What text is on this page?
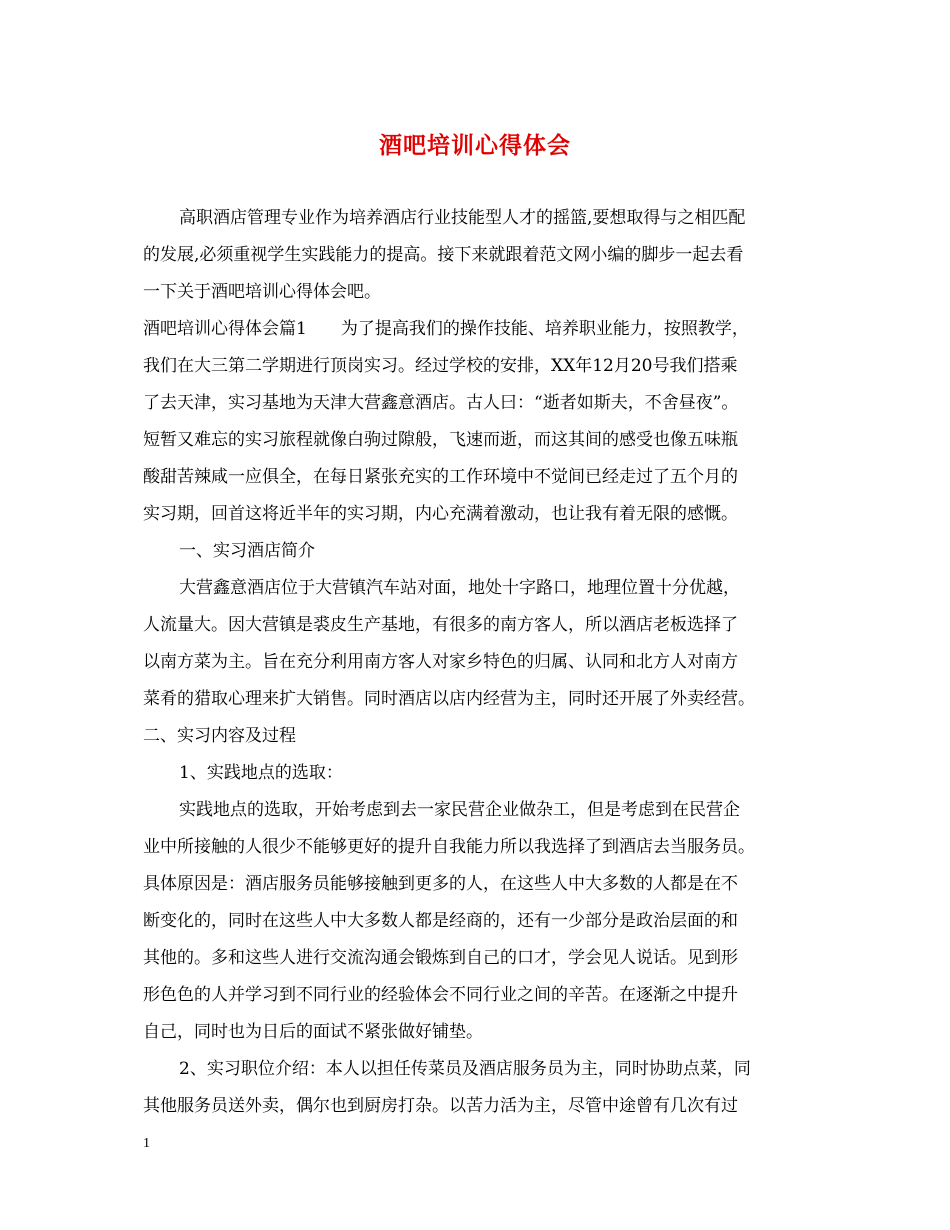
酒吧培训心得体会
高职酒店管理专业作为培养酒店行业技能型人才的摇篮,要想取得与之相匹配
的发展,必须重视学生实践能力的提高。接下来就跟着范文网小编的脚步一起去看
一下关于酒吧培训心得体会吧。
酒吧培训心得体会篇1　　为了提高我们的操作技能、培养职业能力，按照教学，
我们在大三第二学期进行顶岗实习。经过学校的安排，XX年12月20号我们搭乘
了去天津，实习基地为天津大营鑫意酒店。古人曰：“逝者如斯夫，不舍昼夜”。
短暂又难忘的实习旅程就像白驹过隙般，飞速而逝，而这其间的感受也像五味瓶
酸甜苦辣咸一应俱全，在每日紧张充实的工作环境中不觉间已经走过了五个月的
实习期，回首这将近半年的实习期，内心充满着激动，也让我有着无限的感慨。
一、实习酒店简介
大营鑫意酒店位于大营镇汽车站对面，地处十字路口，地理位置十分优越，
人流量大。因大营镇是裘皮生产基地，有很多的南方客人，所以酒店老板选择了
以南方菜为主。旨在充分利用南方客人对家乡特色的归属、认同和北方人对南方
菜肴的猎取心理来扩大销售。同时酒店以店内经营为主，同时还开展了外卖经营。
二、实习内容及过程
1、实践地点的选取：
实践地点的选取，开始考虑到去一家民营企业做杂工，但是考虑到在民营企
业中所接触的人很少不能够更好的提升自我能力所以我选择了到酒店去当服务员。
具体原因是：酒店服务员能够接触到更多的人，在这些人中大多数的人都是在不
断变化的，同时在这些人中大多数人都是经商的，还有一少部分是政治层面的和
其他的。多和这些人进行交流沟通会锻炼到自己的口才，学会见人说话。见到形
形色色的人并学习到不同行业的经验体会不同行业之间的辛苦。在逐渐之中提升
自己，同时也为日后的面试不紧张做好铺垫。
2、实习职位介绍：本人以担任传菜员及酒店服务员为主，同时协助点菜，同
其他服务员送外卖，偶尔也到厨房打杂。以苦力活为主，尽管中途曾有几次有过
1
